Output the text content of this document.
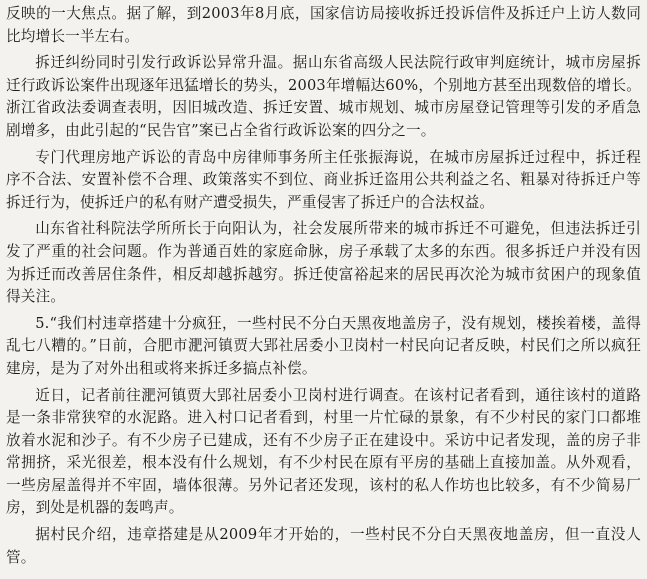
反映的一大焦点。据了解，到2003年8月底，国家信访局接收拆迁投诉信件及拆迁户上访人数同比均增长一半左右。

拆迁纠纷同时引发行政诉讼异常升温。据山东省高级人民法院行政审判庭统计，城市房屋拆迁行政诉讼案件出现逐年迅猛增长的势头，2003年增幅达60%，个别地方甚至出现数倍的增长。浙江省政法委调查表明，因旧城改造、拆迁安置、城市规划、城市房屋登记管理等引发的矛盾急剧增多，由此引起的“民告官”案已占全省行政诉讼案的四分之一。

专门代理房地产诉讼的青岛中房律师事务所主任张振海说，在城市房屋拆迁过程中，拆迁程序不合法、安置补偿不合理、政策落实不到位、商业拆迁盗用公共利益之名、粗暴对待拆迁户等拆迁行为，使拆迁户的私有财产遭受损失，严重侵害了拆迁户的合法权益。

山东省社科院法学所所长于向阳认为，社会发展所带来的城市拆迁不可避免，但违法拆迁引发了严重的社会问题。作为普通百姓的家庭命脉，房子承载了太多的东西。很多拆迁户并没有因为拆迁而改善居住条件，相反却越拆越穷。拆迁使富裕起来的居民再次沦为城市贫困户的现象值得关注。

5.“我们村违章搭建十分疯狂，一些村民不分白天黑夜地盖房子，没有规划，楼挨着楼，盖得乱七八糟的。”日前，合肥市淝河镇贾大郢社居委小卫岗村一村民向记者反映，村民们之所以疯狂建房，是为了对外出租或将来拆迁多搞点补偿。

近日，记者前往淝河镇贾大郢社居委小卫岗村进行调查。在该村记者看到，通往该村的道路是一条非常狭窄的水泥路。进入村口记者看到，村里一片忙碌的景象，有不少村民的家门口都堆放着水泥和沙子。有不少房子已建成，还有不少房子正在建设中。采访中记者发现，盖的房子非常拥挤，采光很差，根本没有什么规划，有不少村民在原有平房的基础上直接加盖。从外观看，一些房屋盖得并不牢固，墙体很薄。另外记者还发现，该村的私人作坊也比较多，有不少简易厂房，到处是机器的轰鸣声。

据村民介绍，违章搭建是从2009年才开始的，一些村民不分白天黑夜地盖房，但一直没人管。
